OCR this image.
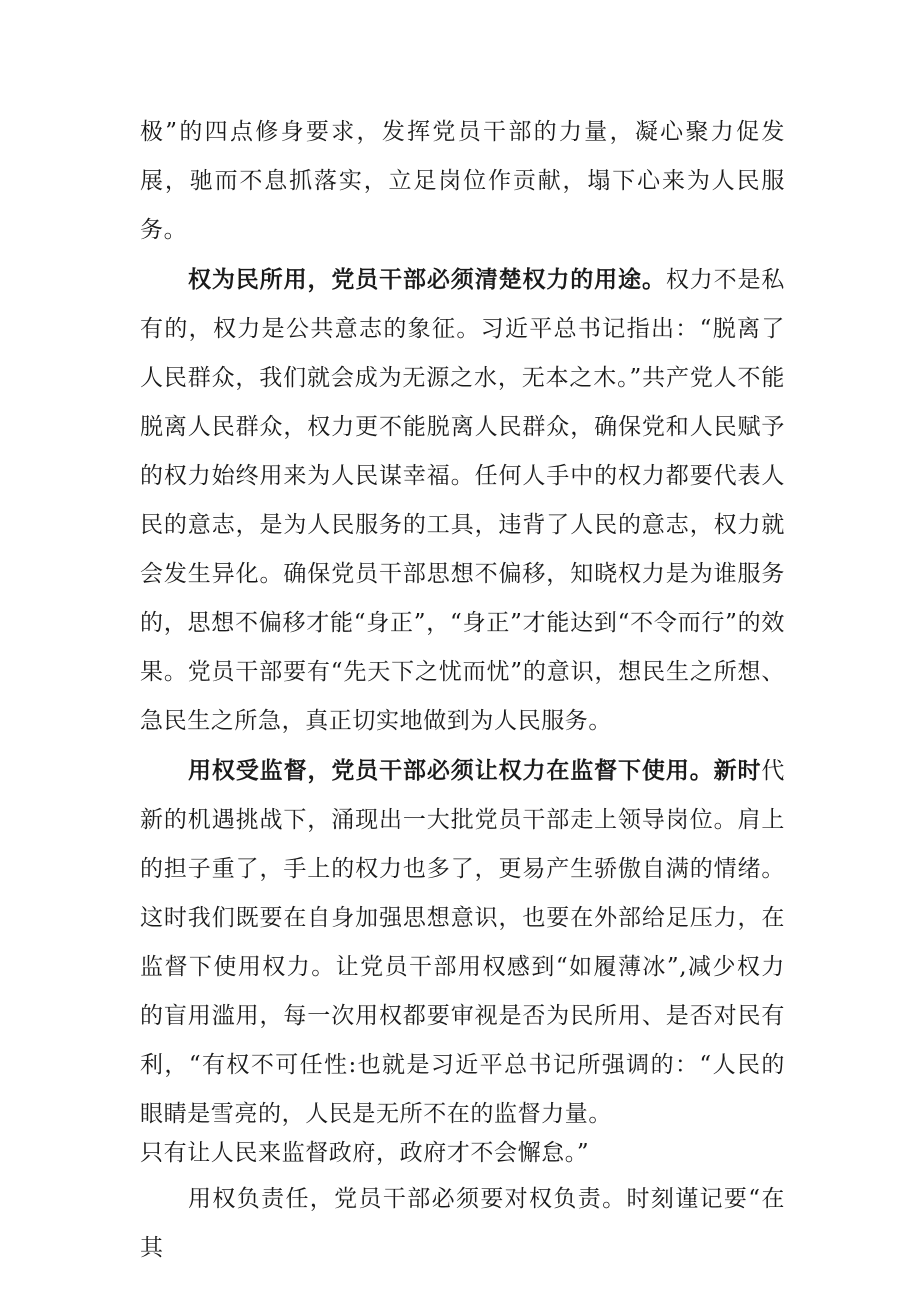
极”的四点修身要求，发挥党员干部的力量，凝心聚力促发展，驰而不息抓落实，立足岗位作贡献，塌下心来为人民服务。

权为民所用，党员干部必须清楚权力的用途。权力不是私有的，权力是公共意志的象征。习近平总书记指出：“脱离了人民群众，我们就会成为无源之水，无本之木。”共产党人不能脱离人民群众，权力更不能脱离人民群众，确保党和人民赋予的权力始终用来为人民谋幸福。任何人手中的权力都要代表人民的意志，是为人民服务的工具，违背了人民的意志，权力就会发生异化。确保党员干部思想不偏移，知晓权力是为谁服务的，思想不偏移才能“身正”，“身正”才能达到“不令而行”的效果。党员干部要有“先天下之忧而忧”的意识，想民生之所想、急民生之所急，真正切实地做到为人民服务。

用权受监督，党员干部必须让权力在监督下使用。新时代新的机遇挑战下，涌现出一大批党员干部走上领导岗位。肩上的担子重了，手上的权力也多了，更易产生骄傲自满的情绪。这时我们既要在自身加强思想意识，也要在外部给足压力，在监督下使用权力。让党员干部用权感到“如履薄冰”,减少权力的盲用滥用，每一次用权都要审视是否为民所用、是否对民有利，“有权不可任性:也就是习近平总书记所强调的：“人民的眼睛是雪亮的，人民是无所不在的监督力量。

只有让人民来监督政府，政府才不会懈怠。”

用权负责任，党员干部必须要对权负责。时刻谨记要“在其
